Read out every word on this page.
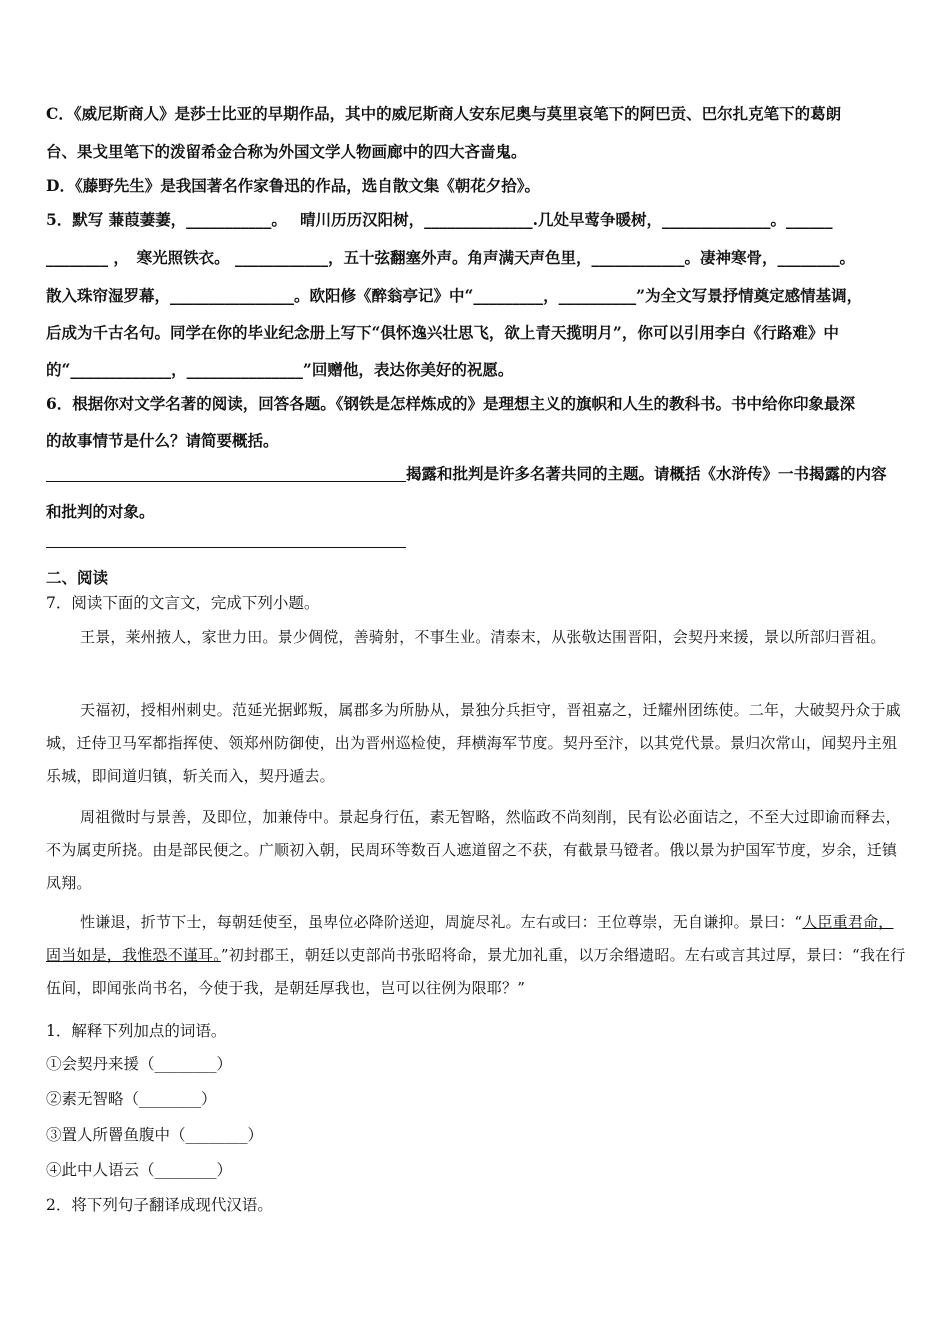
C．《威尼斯商人》是莎士比亚的早期作品，其中的威尼斯商人安东尼奥与莫里哀笔下的阿巴贡、巴尔扎克笔下的葛朗
台、果戈里笔下的泼留希金合称为外国文学人物画廊中的四大吝啬鬼。
D．《藤野先生》是我国著名作家鲁迅的作品，选自散文集《朝花夕拾》。
5．默写 蒹葭萋萋，___________。　 晴川历历汉阳树，______________.几处早莺争暖树，______________。______
________ ，　寒光照铁衣。 ____________，五十弦翻塞外声。角声满天声色里，____________。凄神寒骨，________。
散入珠帘湿罗幕，________________。欧阳修《醉翁亭记》中“_________，__________”为全文写景抒情奠定感情基调，
后成为千古名句。同学在你的毕业纪念册上写下“俱怀逸兴壮思飞，欲上青天揽明月”，你可以引用李白《行路难》中
的“_____________，_______________”回赠他，表达你美好的祝愿。
6．根据你对文学名著的阅读，回答各题。《钢铁是怎样炼成的》是理想主义的旗帜和人生的教科书。书中给你印象最深
的故事情节是什么？请简要概括。
揭露和批判是许多名著共同的主题。请概括《水浒传》一书揭露的内容
和批判的对象。
二、阅读
7．阅读下面的文言文，完成下列小题。
王景，莱州掖人，家世力田。景少倜傥，善骑射，不事生业。清泰末，从张敬达围晋阳，会契丹来援，景以所部归晋祖。
天福初，授相州刺史。范延光据邺叛，属郡多为所胁从，景独分兵拒守，晋祖嘉之，迁耀州团练使。二年，大破契丹众于戚城，迁侍卫马军都指挥使、领郑州防御使，出为晋州巡检使，拜横海军节度。契丹至汴，以其党代景。景归次常山，闻契丹主殂乐城，即间道归镇，斩关而入，契丹遁去。
周祖微时与景善，及即位，加兼侍中。景起身行伍，素无智略，然临政不尚刻削，民有讼必面诘之，不至大过即谕而释去，不为属吏所挠。由是部民便之。广顺初入朝，民周环等数百人遮道留之不获，有截景马镫者。俄以景为护国军节度，岁余，迁镇凤翔。
性谦退，折节下士，每朝廷使至，虽卑位必降阶送迎，周旋尽礼。左右或曰：王位尊崇，无自谦抑。景曰：“人臣重君命，固当如是，我惟恐不谨耳。”初封郡王，朝廷以吏部尚书张昭将命，景尤加礼重，以万余缗遗昭。左右或言其过厚，景曰：“我在行伍间，即闻张尚书名，今使于我，是朝廷厚我也，岂可以往例为限耶？”
1．解释下列加点的词语。
①会契丹来援（________）
②素无智略（________）
③置人所罾鱼腹中（________）
④此中人语云（________）
2．将下列句子翻译成现代汉语。
